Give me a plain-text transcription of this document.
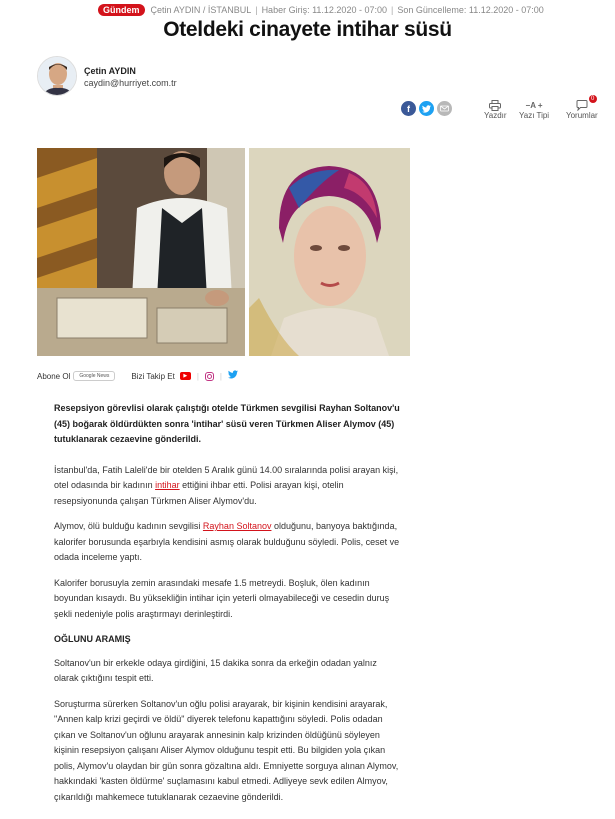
Gündem	Çetin AYDIN / İSTANBUL | Haber Giriş: 11.12.2020 - 07:00 | Son Güncelleme: 11.12.2020 - 07:00
Oteldeki cinayete intihar süsü
Çetin AYDIN
caydin@hurriyet.com.tr
f
Yazdır
−A +
Yazı Tipi
0
Yorumlar
Abone Ol	Google News	Bizi Takip Et	▶	|	|

Resepsiyon görevlisi olarak çalıştığı otelde Türkmen sevgilisi Rayhan Soltanov'u (45) boğarak öldürdükten sonra 'intihar' süsü veren Türkmen Aliser Alymov (45) tutuklanarak cezaevine gönderildi.

İstanbul'da, Fatih Laleli'de bir otelden 5 Aralık günü 14.00 sıralarında polisi arayan kişi, otel odasında bir kadının intihar ettiğini ihbar etti. Polisi arayan kişi, otelin resepsiyonunda çalışan Türkmen Aliser Alymov'du.

Alymov, ölü bulduğu kadının sevgilisi Rayhan Soltanov olduğunu, banyoya baktığında, kalorifer borusunda eşarbıyla kendisini asmış olarak bulduğunu söyledi. Polis, ceset ve odada inceleme yaptı.

Kalorifer borusuyla zemin arasındaki mesafe 1.5 metreydi. Boşluk, ölen kadının boyundan kısaydı. Bu yüksekliğin intihar için yeterli olmayabileceği ve cesedin duruş şekli nedeniyle polis araştırmayı derinleştirdi.

OĞLUNU ARAMIŞ

Soltanov'un bir erkekle odaya girdiğini, 15 dakika sonra da erkeğin odadan yalnız olarak çıktığını tespit etti.

Soruşturma sürerken Soltanov'un oğlu polisi arayarak, bir kişinin kendisini arayarak, "Annen kalp krizi geçirdi ve öldü" diyerek telefonu kapattığını söyledi. Polis odadan çıkan ve Soltanov'un oğlunu arayarak annesinin kalp krizinden öldüğünü söyleyen kişinin resepsiyon çalışanı Aliser Alymov olduğunu tespit etti. Bu bilgiden yola çıkan polis, Alymov'u olaydan bir gün sonra gözaltına aldı. Emniyette sorguya alınan Alymov, hakkındaki 'kasten öldürme' suçlamasını kabul etmedi. Adliyeye sevk edilen Almyov, çıkarıldığı mahkemece tutuklanarak cezaevine gönderildi.
